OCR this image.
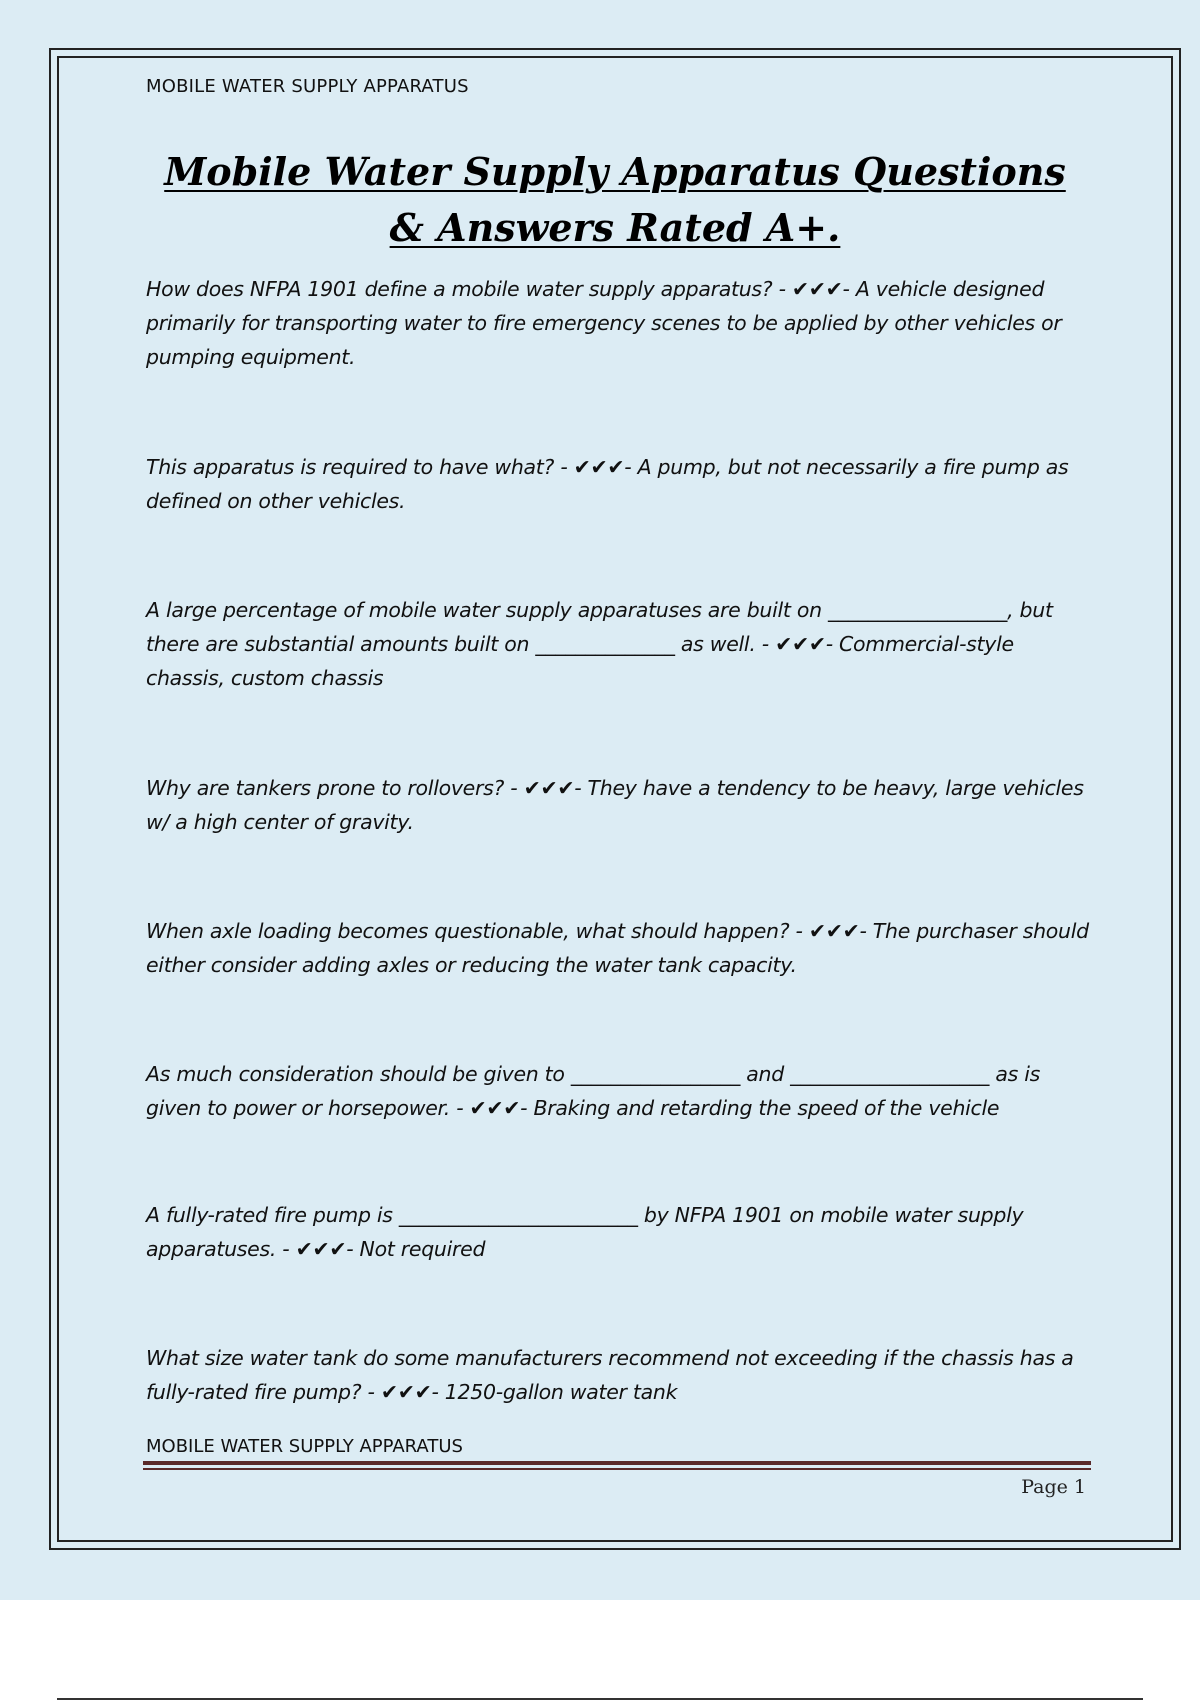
MOBILE WATER SUPPLY APPARATUS
Mobile Water Supply Apparatus Questions
& Answers Rated A+.

How does NFPA 1901 define a mobile water supply apparatus? - ✔✔✔- A vehicle designed primarily for transporting water to fire emergency scenes to be applied by other vehicles or pumping equipment.

This apparatus is required to have what? - ✔✔✔- A pump, but not necessarily a fire pump as defined on other vehicles.

A large percentage of mobile water supply apparatuses are built on __________________, but there are substantial amounts built on ______________ as well. - ✔✔✔- Commercial-style chassis, custom chassis

Why are tankers prone to rollovers? - ✔✔✔- They have a tendency to be heavy, large vehicles w/ a high center of gravity.

When axle loading becomes questionable, what should happen? - ✔✔✔- The purchaser should either consider adding axles or reducing the water tank capacity.

As much consideration should be given to _________________ and ____________________ as is given to power or horsepower. - ✔✔✔- Braking and retarding the speed of the vehicle

A fully-rated fire pump is ________________________ by NFPA 1901 on mobile water supply apparatuses. - ✔✔✔- Not required

What size water tank do some manufacturers recommend not exceeding if the chassis has a fully-rated fire pump? - ✔✔✔- 1250-gallon water tank

MOBILE WATER SUPPLY APPARATUS
Page 1
